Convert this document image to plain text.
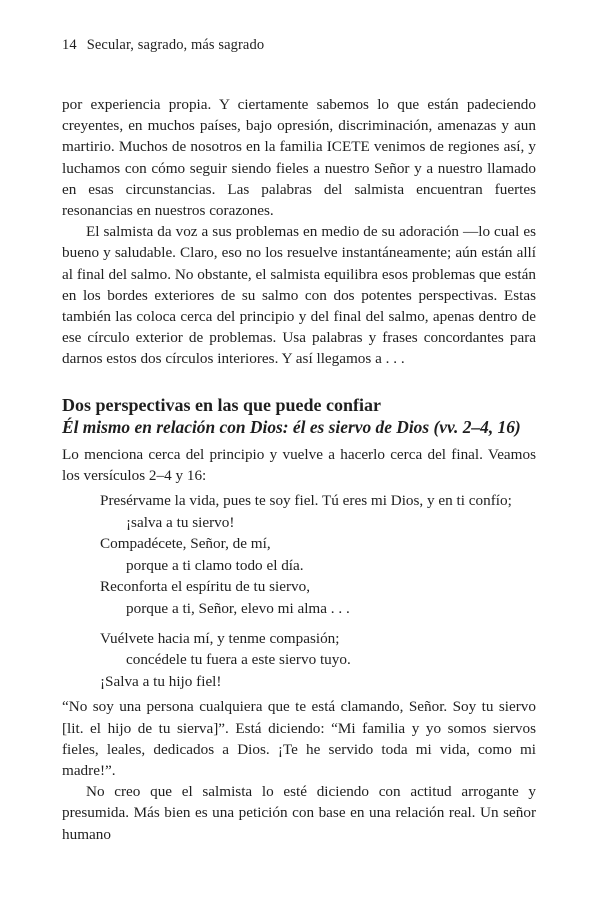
14 Secular, sagrado, más sagrado

por experiencia propia. Y ciertamente sabemos lo que están padeciendo creyentes, en muchos países, bajo opresión, discriminación, amenazas y aun martirio. Muchos de nosotros en la familia ICETE venimos de regiones así, y luchamos con cómo seguir siendo fieles a nuestro Señor y a nuestro llamado en esas circunstancias. Las palabras del salmista encuentran fuertes resonancias en nuestros corazones.

El salmista da voz a sus problemas en medio de su adoración —lo cual es bueno y saludable. Claro, eso no los resuelve instantáneamente; aún están allí al final del salmo. No obstante, el salmista equilibra esos problemas que están en los bordes exteriores de su salmo con dos potentes perspectivas. Estas también las coloca cerca del principio y del final del salmo, apenas dentro de ese círculo exterior de problemas. Usa palabras y frases concordantes para darnos estos dos círculos interiores. Y así llegamos a . . .

Dos perspectivas en las que puede confiar
Él mismo en relación con Dios: él es siervo de Dios (vv. 2–4, 16)

Lo menciona cerca del principio y vuelve a hacerlo cerca del final. Veamos los versículos 2–4 y 16:

Presérvame la vida, pues te soy fiel. Tú eres mi Dios, y en ti confío;
¡salva a tu siervo!
Compadécete, Señor, de mí,
porque a ti clamo todo el día.
Reconforta el espíritu de tu siervo,
porque a ti, Señor, elevo mi alma . . .
Vuélvete hacia mí, y tenme compasión;
concédele tu fuera a este siervo tuyo.
¡Salva a tu hijo fiel!

“No soy una persona cualquiera que te está clamando, Señor. Soy tu siervo [lit. el hijo de tu sierva]”. Está diciendo: “Mi familia y yo somos siervos fieles, leales, dedicados a Dios. ¡Te he servido toda mi vida, como mi madre!”.

No creo que el salmista lo esté diciendo con actitud arrogante y presumida. Más bien es una petición con base en una relación real. Un señor humano
